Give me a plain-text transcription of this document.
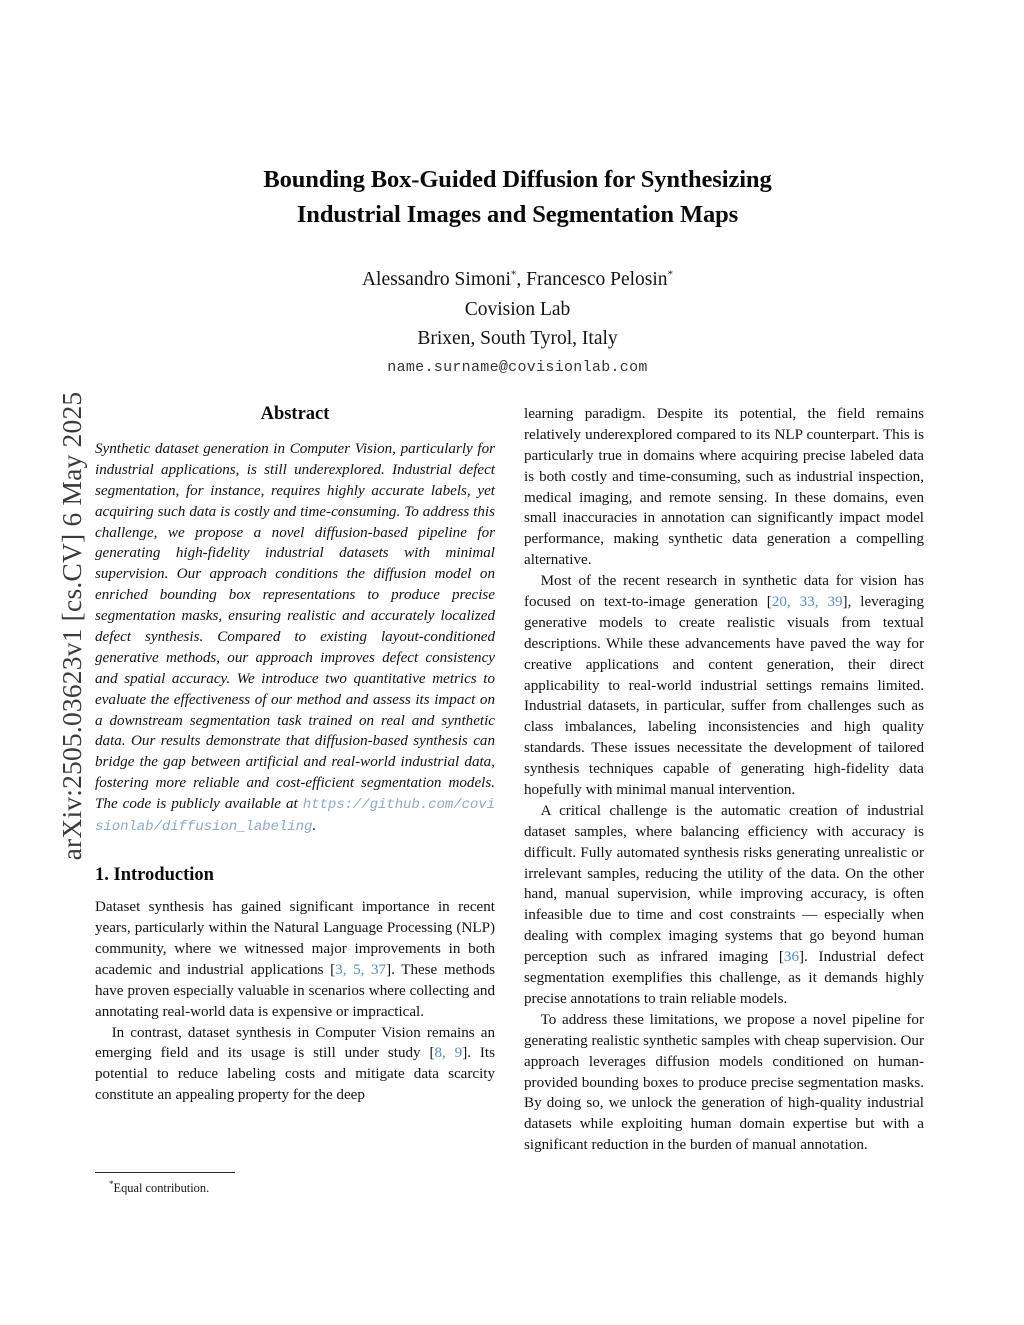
arXiv:2505.03623v1 [cs.CV] 6 May 2025
Bounding Box-Guided Diffusion for Synthesizing
Industrial Images and Segmentation Maps
Alessandro Simoni*, Francesco Pelosin*
Covision Lab
Brixen, South Tyrol, Italy
name.surname@covisionlab.com
Abstract

Synthetic dataset generation in Computer Vision, particularly for industrial applications, is still underexplored. Industrial defect segmentation, for instance, requires highly accurate labels, yet acquiring such data is costly and time-consuming. To address this challenge, we propose a novel diffusion-based pipeline for generating high-fidelity industrial datasets with minimal supervision. Our approach conditions the diffusion model on enriched bounding box representations to produce precise segmentation masks, ensuring realistic and accurately localized defect synthesis. Compared to existing layout-conditioned generative methods, our approach improves defect consistency and spatial accuracy. We introduce two quantitative metrics to evaluate the effectiveness of our method and assess its impact on a downstream segmentation task trained on real and synthetic data. Our results demonstrate that diffusion-based synthesis can bridge the gap between artificial and real-world industrial data, fostering more reliable and cost-efficient segmentation models. The code is publicly available at https://github.com/covisionlab/diffusion_labeling.

1. Introduction

Dataset synthesis has gained significant importance in recent years, particularly within the Natural Language Processing (NLP) community, where we witnessed major improvements in both academic and industrial applications [3, 5, 37]. These methods have proven especially valuable in scenarios where collecting and annotating real-world data is expensive or impractical.

In contrast, dataset synthesis in Computer Vision remains an emerging field and its usage is still under study [8, 9]. Its potential to reduce labeling costs and mitigate data scarcity constitute an appealing property for the deep

learning paradigm. Despite its potential, the field remains relatively underexplored compared to its NLP counterpart. This is particularly true in domains where acquiring precise labeled data is both costly and time-consuming, such as industrial inspection, medical imaging, and remote sensing. In these domains, even small inaccuracies in annotation can significantly impact model performance, making synthetic data generation a compelling alternative.

Most of the recent research in synthetic data for vision has focused on text-to-image generation [20, 33, 39], leveraging generative models to create realistic visuals from textual descriptions. While these advancements have paved the way for creative applications and content generation, their direct applicability to real-world industrial settings remains limited. Industrial datasets, in particular, suffer from challenges such as class imbalances, labeling inconsistencies and high quality standards. These issues necessitate the development of tailored synthesis techniques capable of generating high-fidelity data hopefully with minimal manual intervention.

A critical challenge is the automatic creation of industrial dataset samples, where balancing efficiency with accuracy is difficult. Fully automated synthesis risks generating unrealistic or irrelevant samples, reducing the utility of the data. On the other hand, manual supervision, while improving accuracy, is often infeasible due to time and cost constraints — especially when dealing with complex imaging systems that go beyond human perception such as infrared imaging [36]. Industrial defect segmentation exemplifies this challenge, as it demands highly precise annotations to train reliable models.

To address these limitations, we propose a novel pipeline for generating realistic synthetic samples with cheap supervision. Our approach leverages diffusion models conditioned on human-provided bounding boxes to produce precise segmentation masks. By doing so, we unlock the generation of high-quality industrial datasets while exploiting human domain expertise but with a significant reduction in the burden of manual annotation.

*Equal contribution.
